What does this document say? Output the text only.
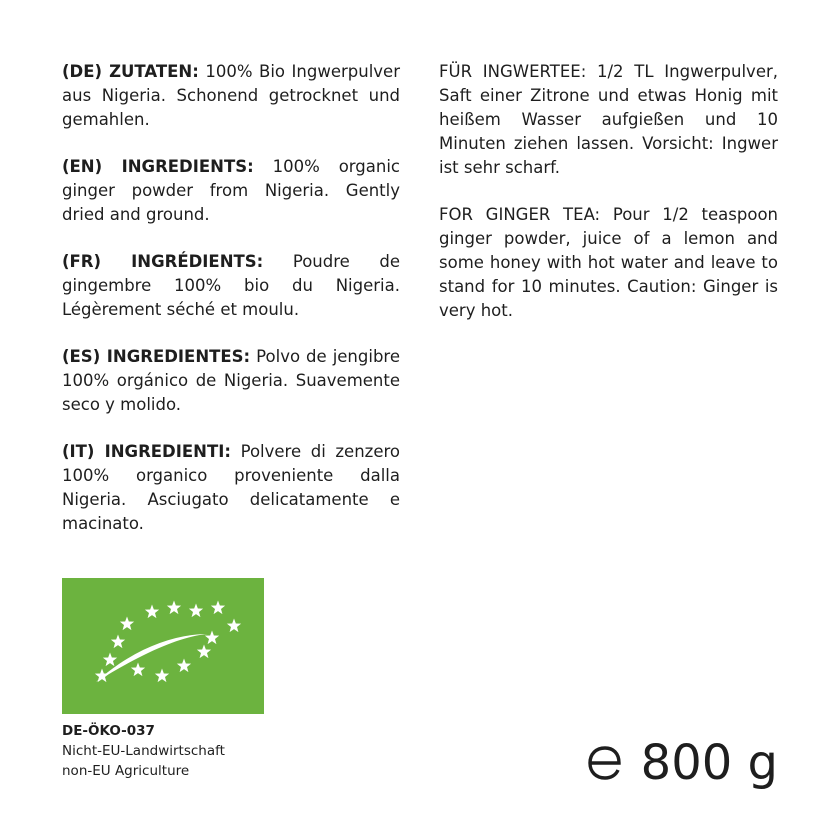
(DE) ZUTATEN: 100% Bio Ingwerpulver aus Nigeria. Schonend getrocknet und gemahlen.

(EN) INGREDIENTS: 100% organic ginger powder from Nigeria. Gently dried and ground.

(FR) INGRÉDIENTS: Poudre de gingembre 100% bio du Nigeria. Légèrement séché et moulu.

(ES) INGREDIENTES: Polvo de jengibre 100% orgánico de Nigeria. Suavemente seco y molido.

(IT) INGREDIENTI: Polvere di zenzero 100% organico proveniente dalla Nigeria. Asciugato delicatamente e macinato.

FÜR INGWERTEE: 1/2 TL Ingwerpulver, Saft einer Zitrone und etwas Honig mit heißem Wasser aufgießen und 10 Minuten ziehen lassen. Vorsicht: Ingwer ist sehr scharf.

FOR GINGER TEA: Pour 1/2 teaspoon ginger powder, juice of a lemon and some honey with hot water and leave to stand for 10 minutes. Caution: Ginger is very hot.

DE-ÖKO-037
Nicht-EU-Landwirtschaft
non-EU Agriculture	800 g
